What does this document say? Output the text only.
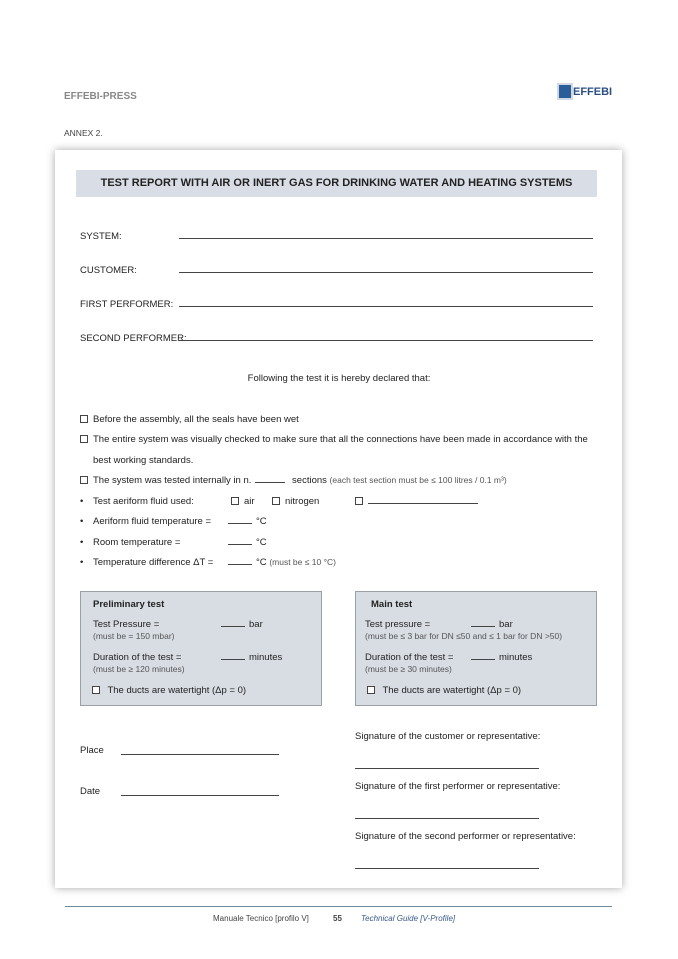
EFFEBI-PRESS	EFFEBI
ANNEX 2.
TEST REPORT WITH AIR OR INERT GAS FOR DRINKING WATER AND HEATING SYSTEMS
SYSTEM:
CUSTOMER:
FIRST PERFORMER:
SECOND PERFORMER:
Following the test it is hereby declared that:
Before the assembly, all the seals have been wet
The entire system was visually checked to make sure that all the connections have been made in accordance with the
best working standards.
The system was tested internally in n.	sections (each test section must be ≤ 100 litres / 0.1 m³)
• Test aeriform fluid used:	air	nitrogen
• Aeriform fluid temperature =	°C
• Room temperature =	°C
• Temperature difference ΔT =	°C (must be ≤ 10 °C)
Preliminary test
Test Pressure =	bar
(must be = 150 mbar)
Duration of the test =	minutes
(must be ≥ 120 minutes)
The ducts are watertight (Δp = 0)
Main test
Test pressure =	bar
(must be ≤ 3 bar for DN ≤50 and ≤ 1 bar for DN >50)
Duration of the test =	minutes
(must be ≥ 30 minutes)
The ducts are watertight (Δp = 0)
Place
Date
Signature of the customer or representative:
Signature of the first performer or representative:
Signature of the second performer or representative:
Manuale Tecnico [profilo V]	55 Technical Guide [V-Profile]
